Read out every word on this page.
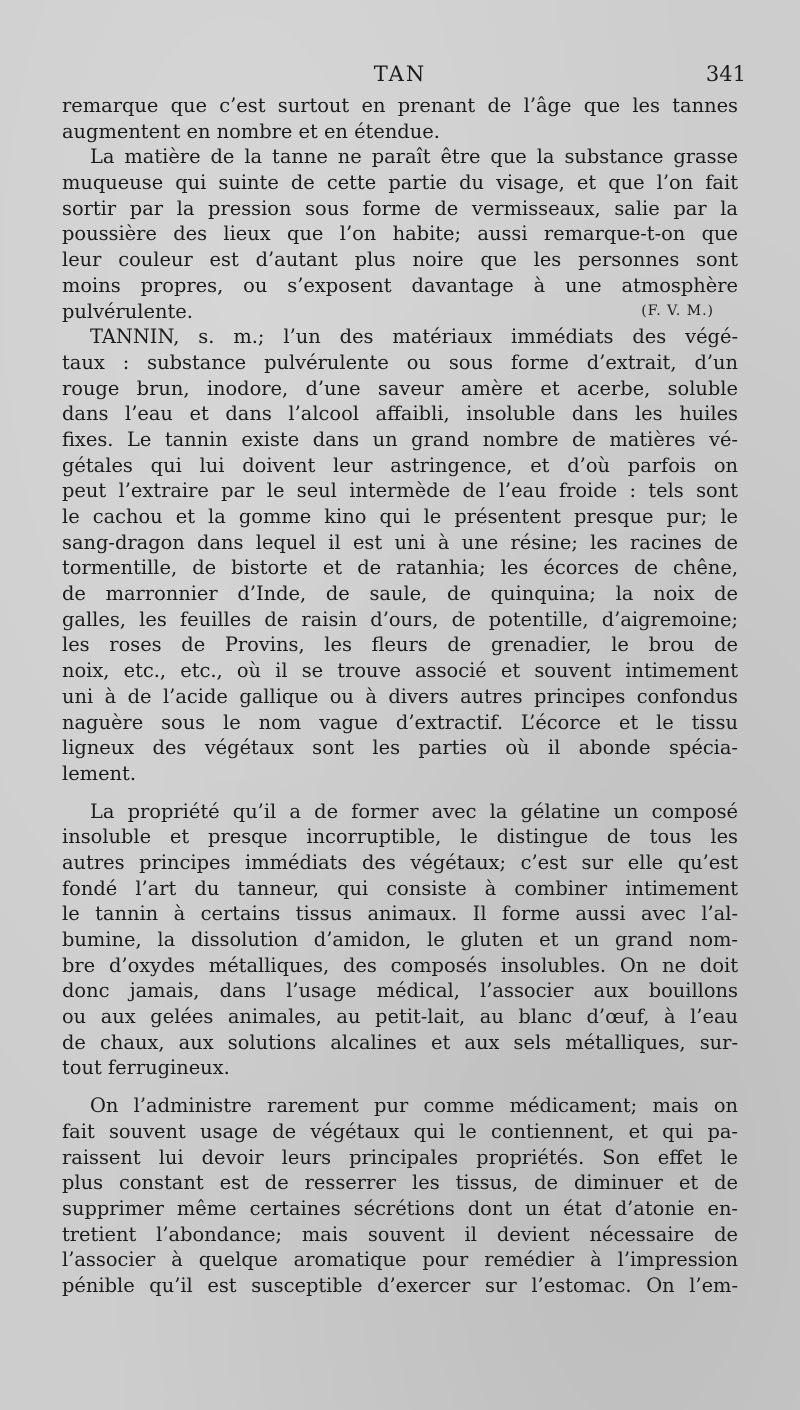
TAN	341
remarque que c’est surtout en prenant de l’âge que les tannes
augmentent en nombre et en étendue.
La matière de la tanne ne paraît être que la substance grasse
muqueuse qui suinte de cette partie du visage, et que l’on fait
sortir par la pression sous forme de vermisseaux, salie par la
poussière des lieux que l’on habite; aussi remarque-t-on que
leur couleur est d’autant plus noire que les personnes sont
moins propres, ou s’exposent davantage à une atmosphère
pulvérulente.	(F. V. M.)
TANNIN, s. m.; l’un des matériaux immédiats des végé-
taux : substance pulvérulente ou sous forme d’extrait, d’un
rouge brun, inodore, d’une saveur amère et acerbe, soluble
dans l’eau et dans l’alcool affaibli, insoluble dans les huiles
fixes. Le tannin existe dans un grand nombre de matières vé-
gétales qui lui doivent leur astringence, et d’où parfois on
peut l’extraire par le seul intermède de l’eau froide : tels sont
le cachou et la gomme kino qui le présentent presque pur; le
sang-dragon dans lequel il est uni à une résine; les racines de
tormentille, de bistorte et de ratanhia; les écorces de chêne,
de marronnier d’Inde, de saule, de quinquina; la noix de
galles, les feuilles de raisin d’ours, de potentille, d’aigremoine;
les roses de Provins, les fleurs de grenadier, le brou de
noix, etc., etc., où il se trouve associé et souvent intimement
uni à de l’acide gallique ou à divers autres principes confondus
naguère sous le nom vague d’extractif. L’écorce et le tissu
ligneux des végétaux sont les parties où il abonde spécia-
lement.
La propriété qu’il a de former avec la gélatine un composé
insoluble et presque incorruptible, le distingue de tous les
autres principes immédiats des végétaux; c’est sur elle qu’est
fondé l’art du tanneur, qui consiste à combiner intimement
le tannin à certains tissus animaux. Il forme aussi avec l’al-
bumine, la dissolution d’amidon, le gluten et un grand nom-
bre d’oxydes métalliques, des composés insolubles. On ne doit
donc jamais, dans l’usage médical, l’associer aux bouillons
ou aux gelées animales, au petit-lait, au blanc d’œuf, à l’eau
de chaux, aux solutions alcalines et aux sels métalliques, sur-
tout ferrugineux.
On l’administre rarement pur comme médicament; mais on
fait souvent usage de végétaux qui le contiennent, et qui pa-
raissent lui devoir leurs principales propriétés. Son effet le
plus constant est de resserrer les tissus, de diminuer et de
supprimer même certaines sécrétions dont un état d’atonie en-
tretient l’abondance; mais souvent il devient nécessaire de
l’associer à quelque aromatique pour remédier à l’impression
pénible qu’il est susceptible d’exercer sur l’estomac. On l’em-
